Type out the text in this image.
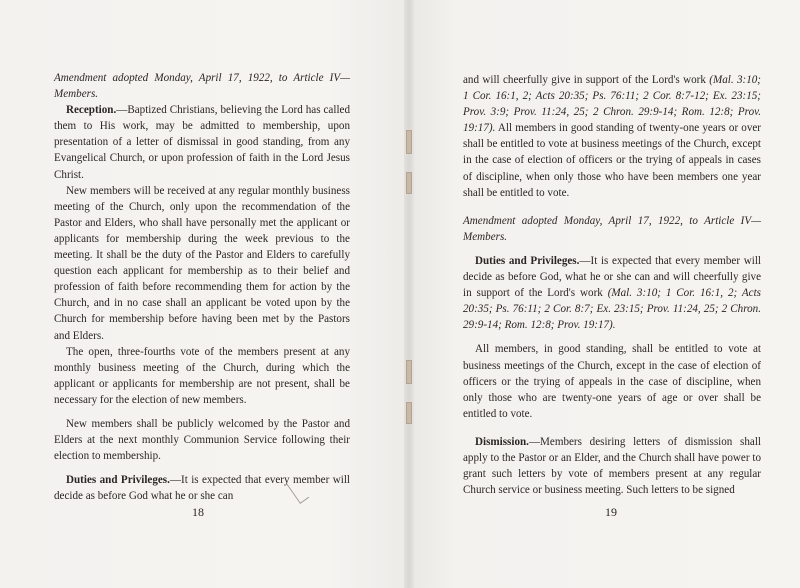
Amendment adopted Monday, April 17, 1922, to Article IV—Members.

Reception.—Baptized Christians, believing the Lord has called them to His work, may be admitted to membership, upon presentation of a letter of dismissal in good standing, from any Evangelical Church, or upon profession of faith in the Lord Jesus Christ.

New members will be received at any regular monthly business meeting of the Church, only upon the recommendation of the Pastor and Elders, who shall have personally met the applicant or applicants for membership during the week previous to the meeting. It shall be the duty of the Pastor and Elders to carefully question each applicant for membership as to their belief and profession of faith before recommending them for action by the Church, and in no case shall an applicant be voted upon by the Church for membership before having been met by the Pastors and Elders.

The open, three-fourths vote of the members present at any monthly business meeting of the Church, during which the applicant or applicants for membership are not present, shall be necessary for the election of new members.

New members shall be publicly welcomed by the Pastor and Elders at the next monthly Communion Service following their election to membership.

Duties and Privileges.—It is expected that every member will decide as before God what he or she can

18

and will cheerfully give in support of the Lord's work (Mal. 3:10; 1 Cor. 16:1, 2; Acts 20:35; Ps. 76:11; 2 Cor. 8:7-12; Ex. 23:15; Prov. 3:9; Prov. 11:24, 25; 2 Chron. 29:9-14; Rom. 12:8; Prov. 19:17). All members in good standing of twenty-one years or over shall be entitled to vote at business meetings of the Church, except in the case of election of officers or the trying of appeals in cases of discipline, when only those who have been members one year shall be entitled to vote.

Amendment adopted Monday, April 17, 1922, to Article IV—Members.

Duties and Privileges.—It is expected that every member will decide as before God, what he or she can and will cheerfully give in support of the Lord's work (Mal. 3:10; 1 Cor. 16:1, 2; Acts 20:35; Ps. 76:11; 2 Cor. 8:7; Ex. 23:15; Prov. 11:24, 25; 2 Chron. 29:9-14; Rom. 12:8; Prov. 19:17).

All members, in good standing, shall be entitled to vote at business meetings of the Church, except in the case of election of officers or the trying of appeals in the case of discipline, when only those who are twenty-one years of age or over shall be entitled to vote.

Dismission.—Members desiring letters of dismission shall apply to the Pastor or an Elder, and the Church shall have power to grant such letters by vote of members present at any regular Church service or business meeting. Such letters to be signed

19
